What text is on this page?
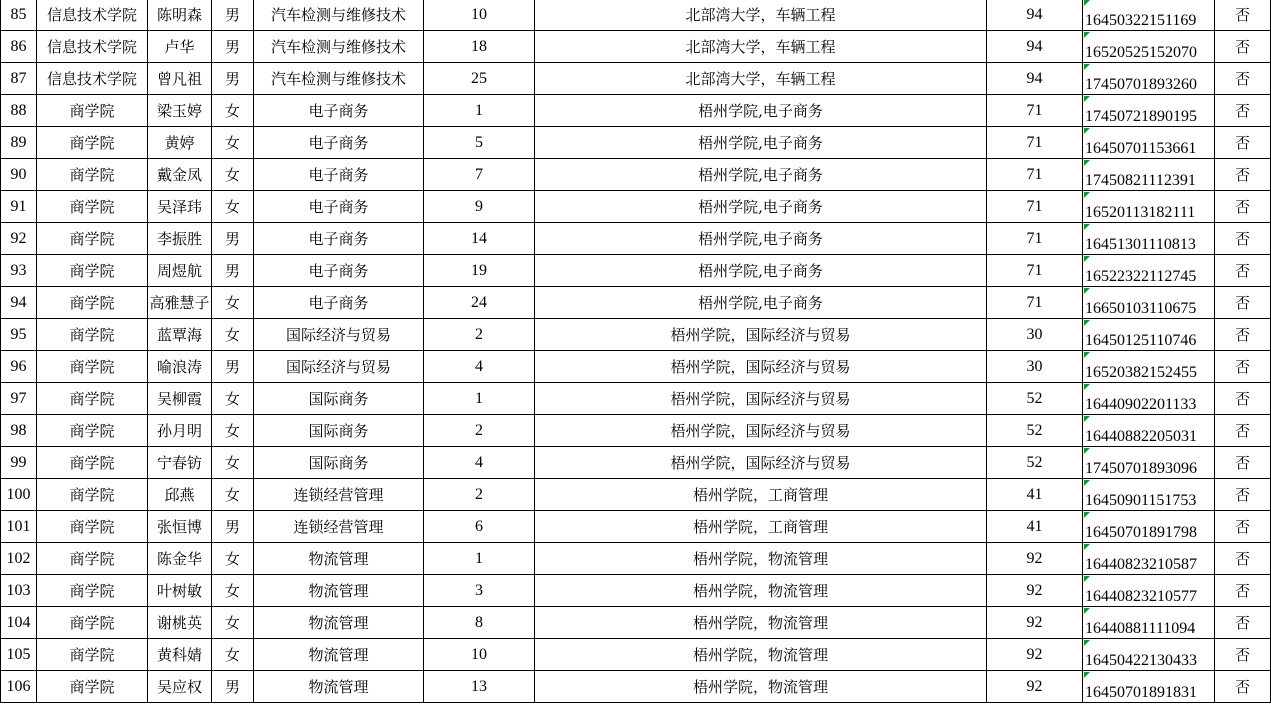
85	信息技术学院	陈明森	男	汽车检测与维修技术	10	北部湾大学，车辆工程	94	16450322151169	否
86	信息技术学院	卢华	男	汽车检测与维修技术	18	北部湾大学，车辆工程	94	16520525152070	否
87	信息技术学院	曾凡祖	男	汽车检测与维修技术	25	北部湾大学，车辆工程	94	17450701893260	否
88	商学院	梁玉婷	女	电子商务	1	梧州学院,电子商务	71	17450721890195	否
89	商学院	黄婷	女	电子商务	5	梧州学院,电子商务	71	16450701153661	否
90	商学院	戴金凤	女	电子商务	7	梧州学院,电子商务	71	17450821112391	否
91	商学院	吴泽玮	女	电子商务	9	梧州学院,电子商务	71	16520113182111	否
92	商学院	李振胜	男	电子商务	14	梧州学院,电子商务	71	16451301110813	否
93	商学院	周煜航	男	电子商务	19	梧州学院,电子商务	71	16522322112745	否
94	商学院	高雅慧子	女	电子商务	24	梧州学院,电子商务	71	16650103110675	否
95	商学院	蓝覃海	女	国际经济与贸易	2	梧州学院，国际经济与贸易	30	16450125110746	否
96	商学院	喻浪涛	男	国际经济与贸易	4	梧州学院，国际经济与贸易	30	16520382152455	否
97	商学院	吴柳霞	女	国际商务	1	梧州学院，国际经济与贸易	52	16440902201133	否
98	商学院	孙月明	女	国际商务	2	梧州学院，国际经济与贸易	52	16440882205031	否
99	商学院	宁春钫	女	国际商务	4	梧州学院，国际经济与贸易	52	17450701893096	否
100	商学院	邱燕	女	连锁经营管理	2	梧州学院，工商管理	41	16450901151753	否
101	商学院	张恒博	男	连锁经营管理	6	梧州学院，工商管理	41	16450701891798	否
102	商学院	陈金华	女	物流管理	1	梧州学院，物流管理	92	16440823210587	否
103	商学院	叶树敏	女	物流管理	3	梧州学院，物流管理	92	16440823210577	否
104	商学院	谢桃英	女	物流管理	8	梧州学院，物流管理	92	16440881111094	否
105	商学院	黄科婧	女	物流管理	10	梧州学院，物流管理	92	16450422130433	否
106	商学院	吴应权	男	物流管理	13	梧州学院，物流管理	92	16450701891831	否
